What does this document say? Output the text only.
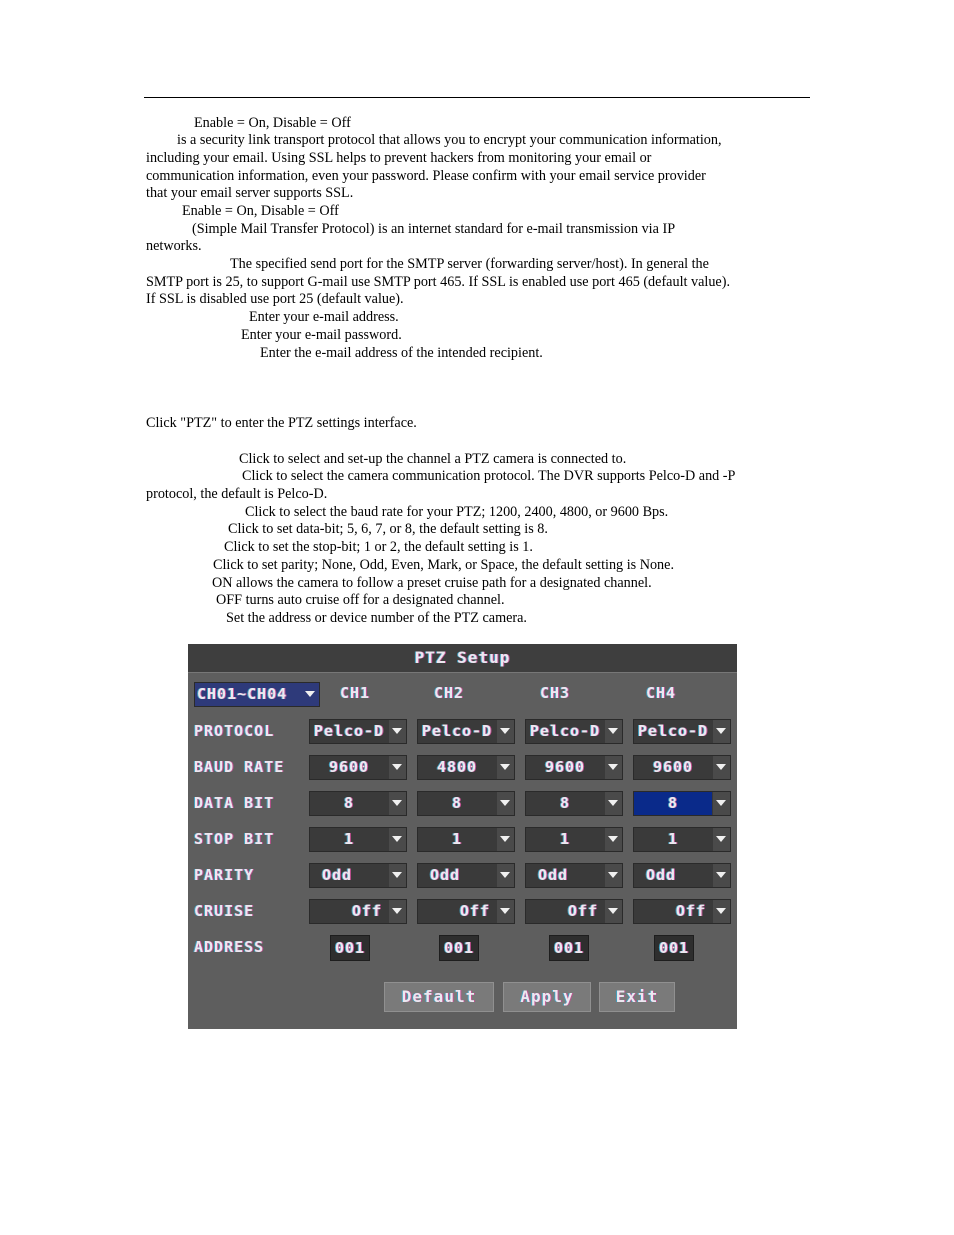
Enable = On, Disable = Off
is a security link transport protocol that allows you to encrypt your communication information,
including your email. Using SSL helps to prevent hackers from monitoring your email or
communication information, even your password. Please confirm with your email service provider
that your email server supports SSL.
Enable = On, Disable = Off
(Simple Mail Transfer Protocol) is an internet standard for e-mail transmission via IP
networks.
The specified send port for the SMTP server (forwarding server/host). In general the
SMTP port is 25, to support G-mail use SMTP port 465. If SSL is enabled use port 465 (default value).
If SSL is disabled use port 25 (default value).
Enter your e-mail address.
Enter your e-mail password.
Enter the e-mail address of the intended recipient.
Click "PTZ" to enter the PTZ settings interface.
Click to select and set-up the channel a PTZ camera is connected to.
Click to select the camera communication protocol. The DVR supports Pelco-D and -P
protocol, the default is Pelco-D.
Click to select the baud rate for your PTZ; 1200, 2400, 4800, or 9600 Bps.
Click to set data-bit; 5, 6, 7, or 8, the default setting is 8.
Click to set the stop-bit; 1 or 2, the default setting is 1.
Click to set parity; None, Odd, Even, Mark, or Space, the default setting is None.
ON allows the camera to follow a preset cruise path for a designated channel.
OFF turns auto cruise off for a designated channel.
Set the address or device number of the PTZ camera.
PTZ Setup
CH01~CH04	CH1	CH2	CH3	CH4
PROTOCOL	Pelco-D	Pelco-D	Pelco-D	Pelco-D
BAUD RATE	9600	4800	9600	9600
DATA BIT	8	8	8	8
STOP BIT	1	1	1	1
PARITY	Odd	Odd	Odd	Odd
CRUISE	Off	Off	Off	Off
ADDRESS	001	001	001	001
Default	Apply	Exit
